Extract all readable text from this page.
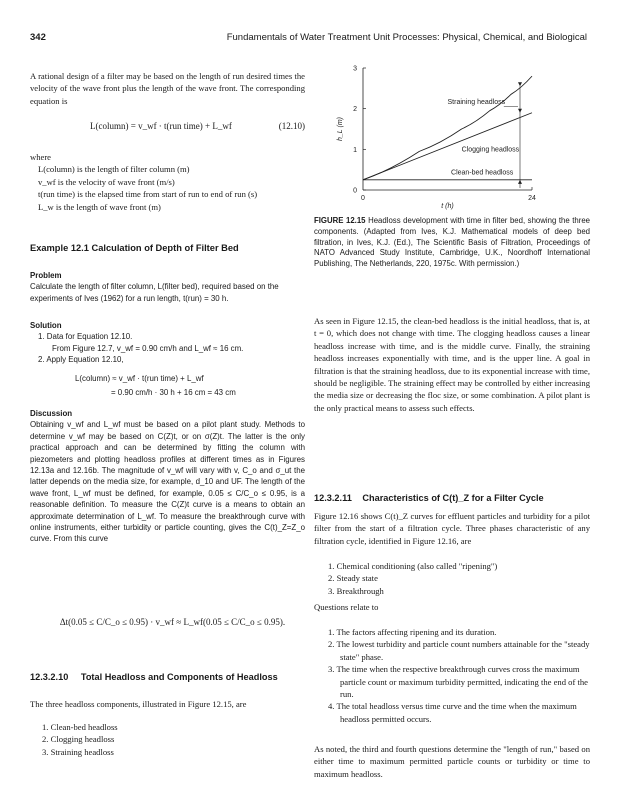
342	Fundamentals of Water Treatment Unit Processes: Physical, Chemical, and Biological
A rational design of a filter may be based on the length of run desired times the velocity of the wave front plus the length of the wave front. The corresponding equation is
L(column) = v_wf · t(run time) + L_wf	(12.10)

where

L(column) is the length of filter column (m)

v_wf is the velocity of wave front (m/s)

t(run time) is the elapsed time from start of run to end of run (s)

L_w is the length of wave front (m)

Example 12.1 Calculation of Depth of Filter Bed

Problem

Calculate the length of filter column, L(filter bed), required based on the experiments of Ives (1962) for a run length, t(run) = 30 h.

Solution

1. Data for Equation 12.10.

From Figure 12.7, v_wf = 0.90 cm/h and L_wf ≈ 16 cm.

2. Apply Equation 12.10,

L(column) ≈ v_wf · t(run time) + L_wf

= 0.90 cm/h · 30 h + 16 cm = 43 cm

Discussion

Obtaining v_wf and L_wf must be based on a pilot plant study. Methods to determine v_wf may be based on C(Z)t, or on σ(Z)t. The latter is the only practical approach and can be determined by fitting the column with piezometers and plotting headloss profiles at different times as in Figures 12.13a and 12.16b. The magnitude of v_wf will vary with v, C_o and σ_ut the latter depends on the media size, for example, d_10 and UF. The length of the wave front, L_wf must be defined, for example, 0.05 ≤ C/C_o ≤ 0.95, is a reasonable definition. To measure the C(Z)t curve is a means to obtain an approximate determination of L_wf. To measure the breakthrough curve with online instruments, either turbidity or particle counting, gives the C(t)_Z=Z_o curve. From this curve

Δt(0.05 ≤ C/C_o ≤ 0.95) · v_wf ≈ L_wf(0.05 ≤ C/C_o ≤ 0.95).
12.3.2.10 Total Headloss and Components of Headloss
The three headloss components, illustrated in Figure 12.15, are

1. Clean-bed headloss

2. Clogging headloss

3. Straining headloss

0
1
2
3
0	24
t (h)
h_L (m)
Straining headloss
Clogging headloss
Clean-bed headloss
FIGURE 12.15 Headloss development with time in filter bed, showing the three components. (Adapted from Ives, K.J. Mathematical models of deep bed filtration, in Ives, K.J. (Ed.), The Scientific Basis of Filtration, Proceedings of NATO Advanced Study Institute, Cambridge, U.K., Noordhoff International Publishing, The Netherlands, 220, 1975c. With permission.)
As seen in Figure 12.15, the clean-bed headloss is the initial headloss, that is, at t = 0, which does not change with time. The clogging headloss causes a linear headloss increase with time, and is the middle curve. Finally, the straining headloss increases exponentially with time, and is the upper line. A goal in filtration is that the straining headloss, due to its exponential increase with time, should be negligible. The straining effect may be controlled by either increasing the media size or decreasing the floc size, or some combination. A pilot plant is the only practical means to assess such effects.
12.3.2.11 Characteristics of C(t)_Z for a Filter Cycle
Figure 12.16 shows C(t)_Z curves for effluent particles and turbidity for a pilot filter from the start of a filtration cycle. Three phases characteristic of any filtration cycle, identified in Figure 12.16, are

1. Chemical conditioning (also called "ripening")

2. Steady state

3. Breakthrough

Questions relate to

1. The factors affecting ripening and its duration.

2. The lowest turbidity and particle count numbers attainable for the "steady state" phase.

3. The time when the respective breakthrough curves cross the maximum particle count or maximum turbidity permitted, indicating the end of the run.

4. The total headloss versus time curve and the time when the maximum headloss permitted occurs.

As noted, the third and fourth questions determine the "length of run," based on either time to maximum permitted particle counts or turbidity or time to maximum headloss.
